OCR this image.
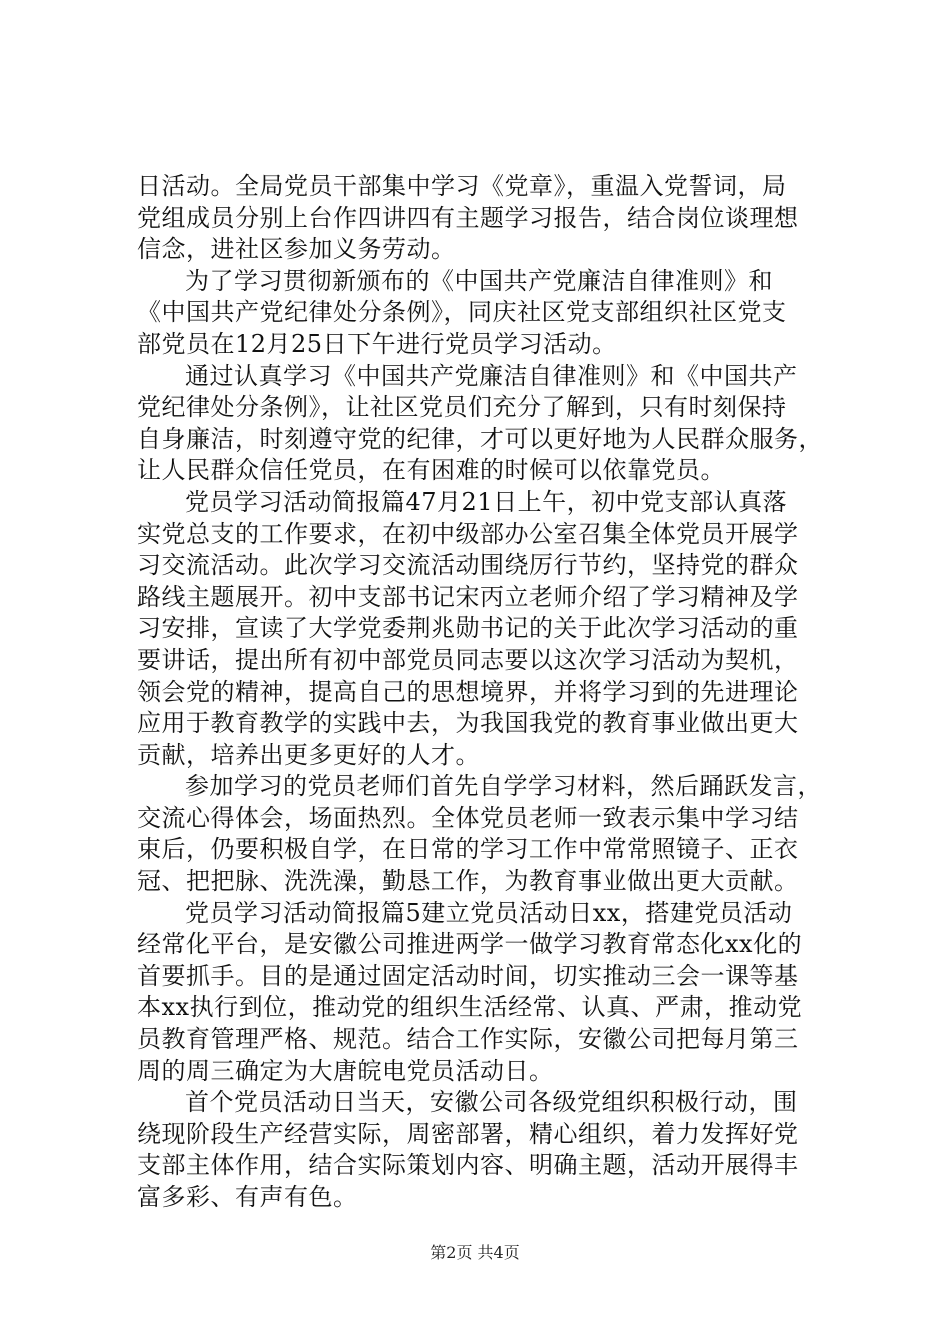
日活动。全局党员干部集中学习《党章》，重温入党誓词，局
党组成员分别上台作四讲四有主题学习报告，结合岗位谈理想
信念，进社区参加义务劳动。
为了学习贯彻新颁布的《中国共产党廉洁自律准则》和
《中国共产党纪律处分条例》，同庆社区党支部组织社区党支
部党员在12月25日下午进行党员学习活动。
通过认真学习《中国共产党廉洁自律准则》和《中国共产
党纪律处分条例》，让社区党员们充分了解到，只有时刻保持
自身廉洁，时刻遵守党的纪律，才可以更好地为人民群众服务，
让人民群众信任党员，在有困难的时候可以依靠党员。
党员学习活动简报篇47月21日上午，初中党支部认真落
实党总支的工作要求，在初中级部办公室召集全体党员开展学
习交流活动。此次学习交流活动围绕厉行节约，坚持党的群众
路线主题展开。初中支部书记宋丙立老师介绍了学习精神及学
习安排，宣读了大学党委荆兆勋书记的关于此次学习活动的重
要讲话，提出所有初中部党员同志要以这次学习活动为契机，
领会党的精神，提高自己的思想境界，并将学习到的先进理论
应用于教育教学的实践中去，为我国我党的教育事业做出更大
贡献，培养出更多更好的人才。
参加学习的党员老师们首先自学学习材料，然后踊跃发言，
交流心得体会，场面热烈。全体党员老师一致表示集中学习结
束后，仍要积极自学，在日常的学习工作中常常照镜子、正衣
冠、把把脉、洗洗澡，勤恳工作，为教育事业做出更大贡献。
党员学习活动简报篇5建立党员活动日xx，搭建党员活动
经常化平台，是安徽公司推进两学一做学习教育常态化xx化的
首要抓手。目的是通过固定活动时间，切实推动三会一课等基
本xx执行到位，推动党的组织生活经常、认真、严肃，推动党
员教育管理严格、规范。结合工作实际，安徽公司把每月第三
周的周三确定为大唐皖电党员活动日。
首个党员活动日当天，安徽公司各级党组织积极行动，围
绕现阶段生产经营实际，周密部署，精心组织，着力发挥好党
支部主体作用，结合实际策划内容、明确主题，活动开展得丰
富多彩、有声有色。
第2页 共4页
